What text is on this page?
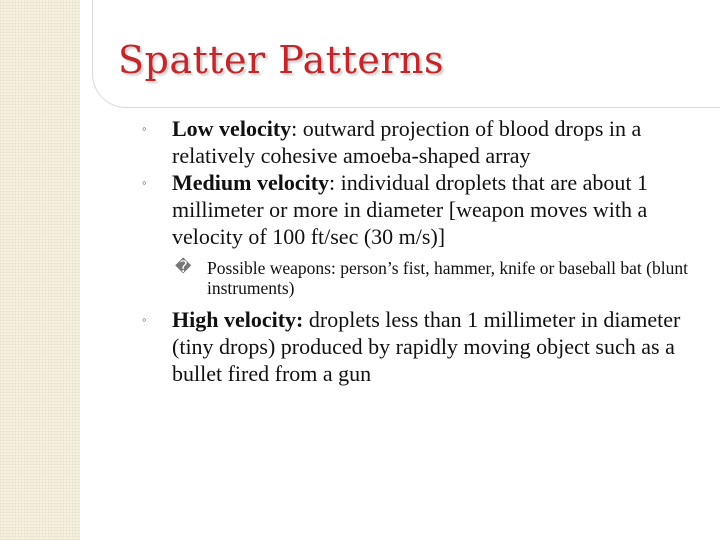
Spatter Patterns
◦ Low velocity: outward projection of blood drops in a relatively cohesive amoeba-shaped array
◦ Medium velocity: individual droplets that are about 1 millimeter or more in diameter [weapon moves with a velocity of 100 ft/sec (30 m/s)]
� Possible weapons: person’s fist, hammer, knife or baseball bat (blunt instruments)
◦ High velocity: droplets less than 1 millimeter in diameter (tiny drops) produced by rapidly moving object such as a bullet fired from a gun
